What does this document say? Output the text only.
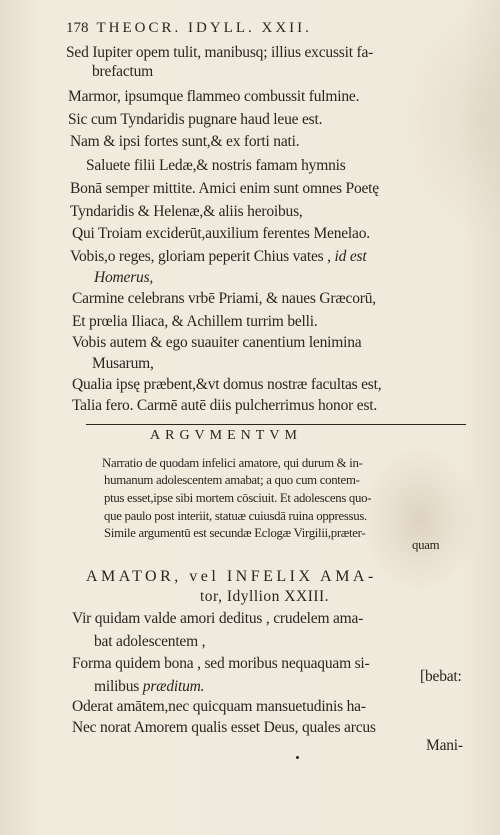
178 THEOCR. IDYLL. XXII.
Sed Iupiter opem tulit, manibusq; illius excussit fa-
brefactum
Marmor, ipsumque flammeo combussit fulmine.
Sic cum Tyndaridis pugnare haud leue est.
Nam & ipsi fortes sunt,& ex forti nati.
Saluete filii Ledæ,& nostris famam hymnis
Bonā semper mittite. Amici enim sunt omnes Poetę
Tyndaridis & Helenæ,& aliis heroibus,
Qui Troiam exciderūt,auxilium ferentes Menelao.
Vobis,o reges, gloriam peperit Chius vates , id est
Homerus,
Carmine celebrans vrbē Priami, & naues Græcorū,
Et prœlia Iliaca, & Achillem turrim belli.
Vobis autem & ego suauiter canentium lenimina
Musarum,
Qualia ipsę præbent,&vt domus nostræ facultas est,
Talia fero. Carmē autē diis pulcherrimus honor est.
ARGVMENTVM
Narratio de quodam infelici amatore, qui durum & in-
humanum adolescentem amabat; a quo cum contem-
ptus esset,ipse sibi mortem cōsciuit. Et adolescens quo-
que paulo post interiit, statuæ cuiusdā ruina oppressus.
Simile argumentū est secundæ Eclogæ Virgilii,præter-
quam
AMATOR, vel INFELIX AMA-
tor, Idyllion XXIII.
Vir quidam valde amori deditus , crudelem ama-
bat adolescentem ,
Forma quidem bona , sed moribus nequaquam si-
milibus præditum.
[bebat:
Oderat amātem,nec quicquam mansuetudinis ha-
Nec norat Amorem qualis esset Deus, quales arcus
Mani-
